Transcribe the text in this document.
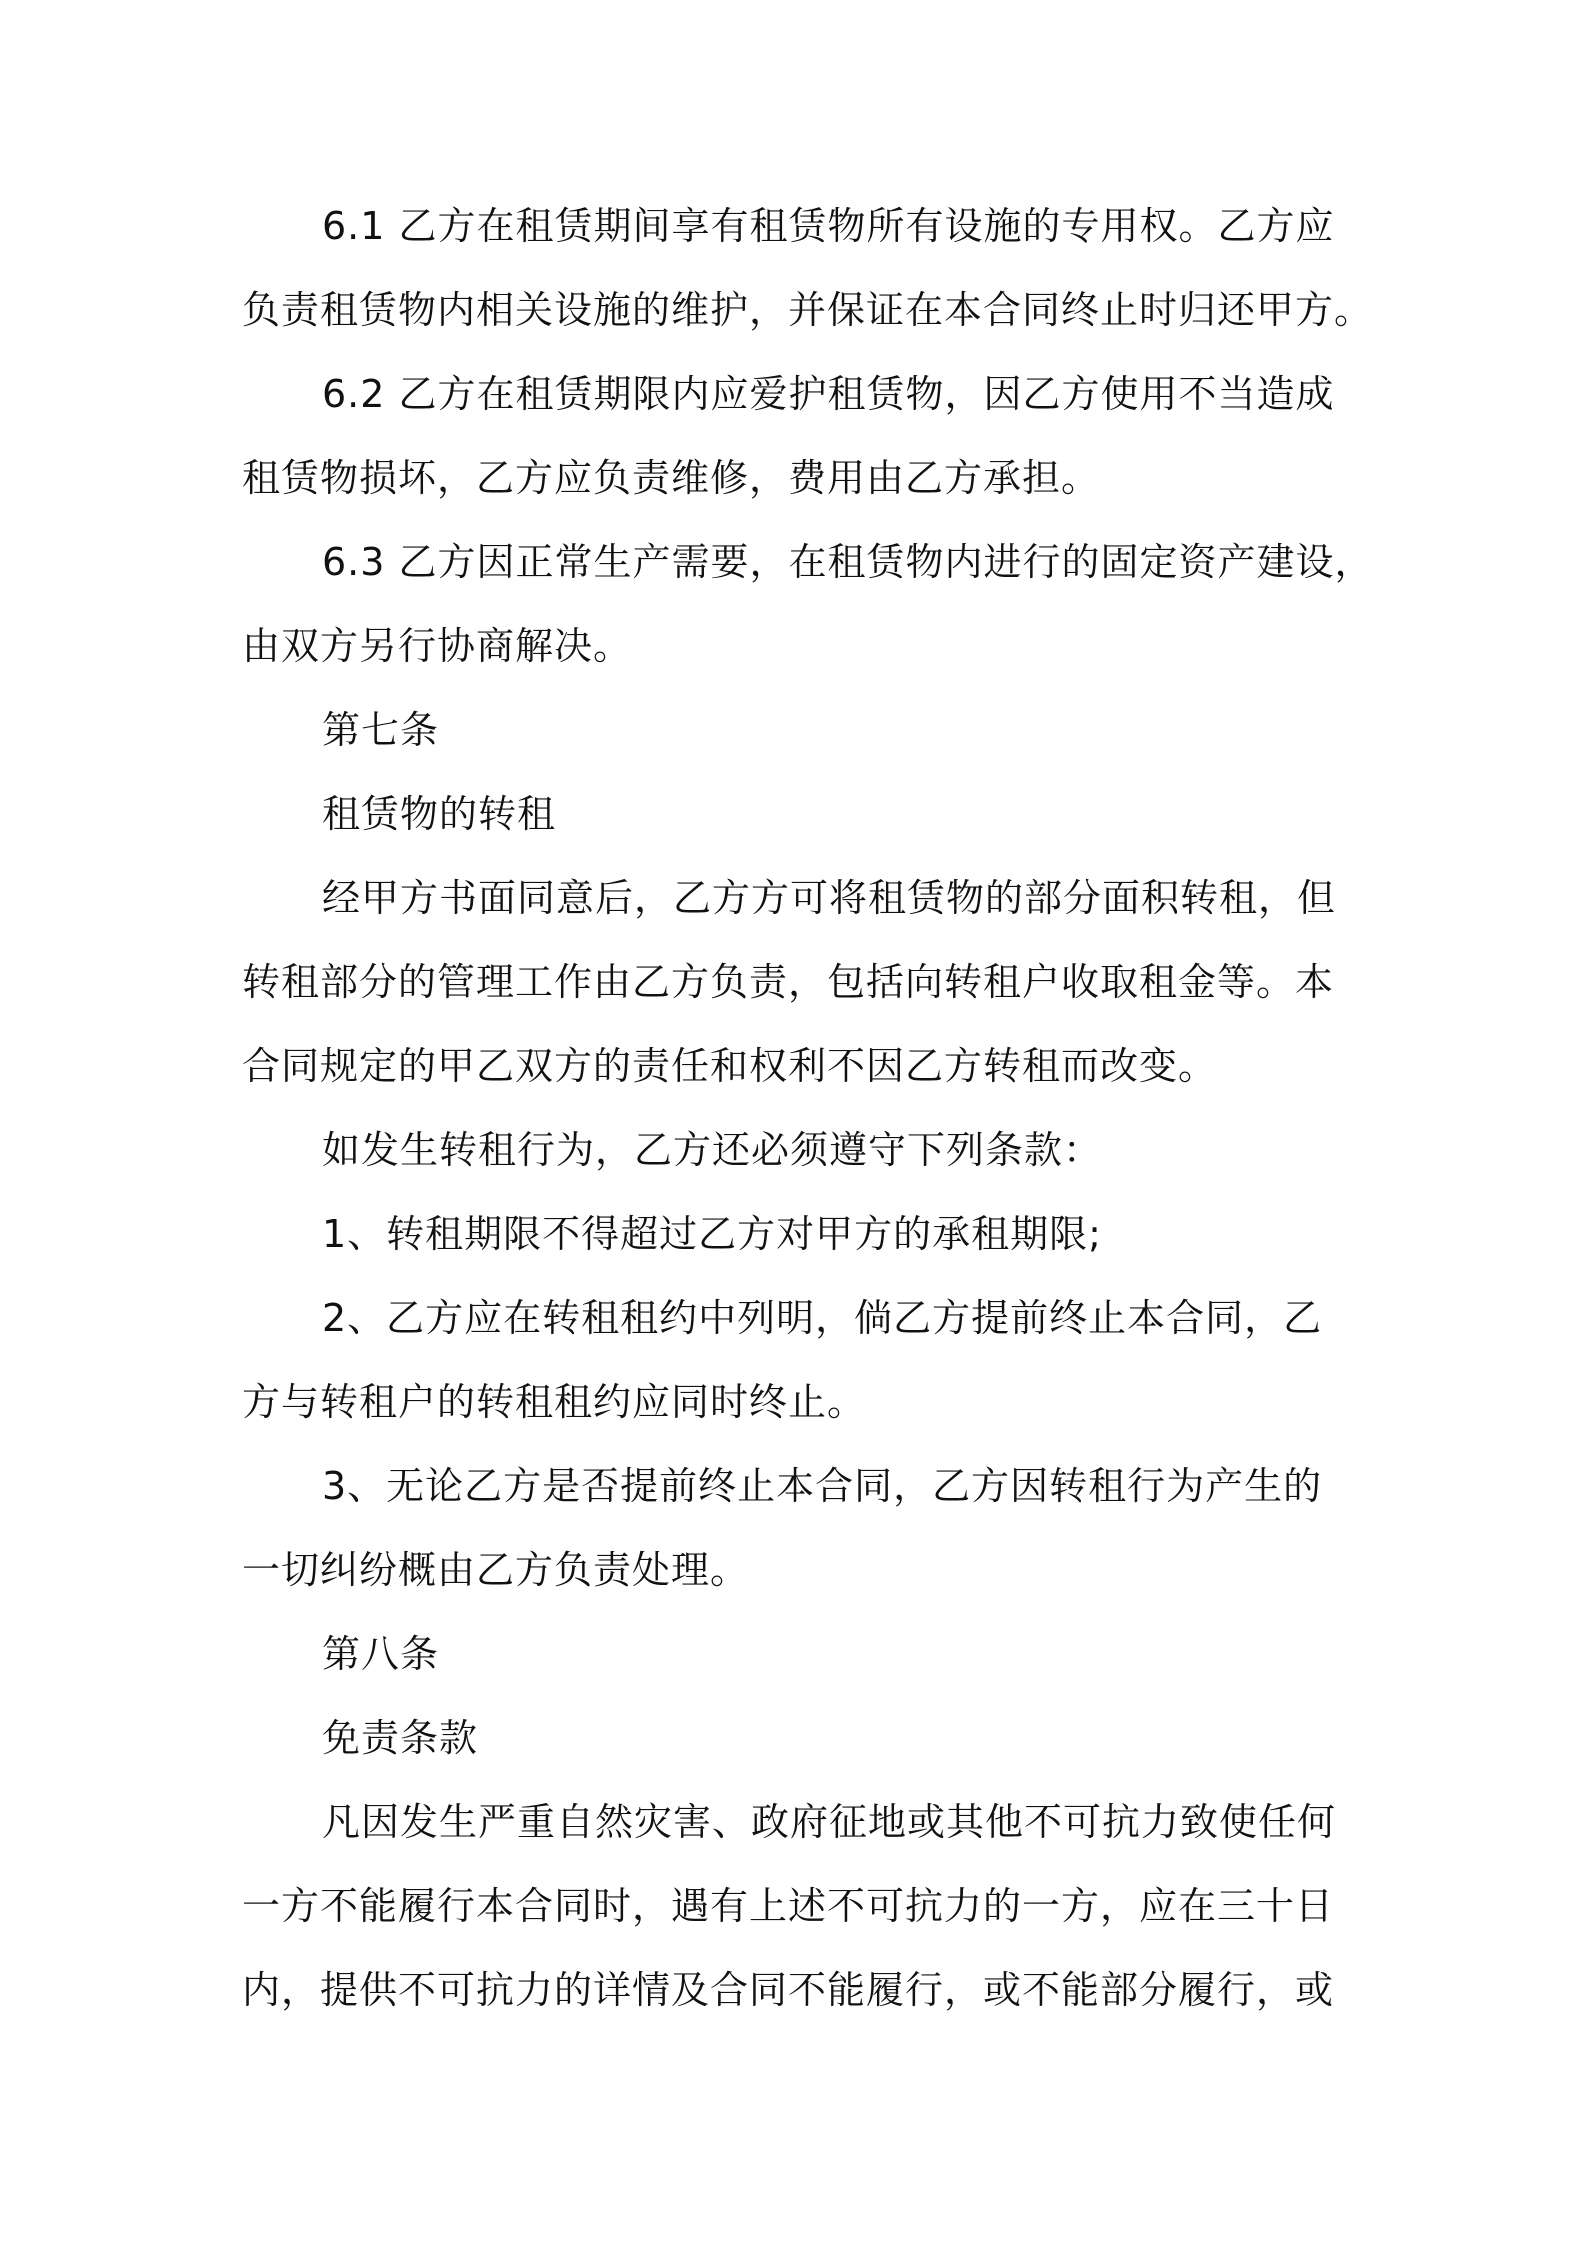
6.1 乙方在租赁期间享有租赁物所有设施的专用权。乙方应
负责租赁物内相关设施的维护，并保证在本合同终止时归还甲方。
6.2 乙方在租赁期限内应爱护租赁物，因乙方使用不当造成
租赁物损坏，乙方应负责维修，费用由乙方承担。
6.3 乙方因正常生产需要，在租赁物内进行的固定资产建设，
由双方另行协商解决。
第七条
租赁物的转租
经甲方书面同意后，乙方方可将租赁物的部分面积转租，但
转租部分的管理工作由乙方负责，包括向转租户收取租金等。本
合同规定的甲乙双方的责任和权利不因乙方转租而改变。
如发生转租行为，乙方还必须遵守下列条款：
1、转租期限不得超过乙方对甲方的承租期限;
2、乙方应在转租租约中列明，倘乙方提前终止本合同，乙
方与转租户的转租租约应同时终止。
3、无论乙方是否提前终止本合同，乙方因转租行为产生的
一切纠纷概由乙方负责处理。
第八条
免责条款
凡因发生严重自然灾害、政府征地或其他不可抗力致使任何
一方不能履行本合同时，遇有上述不可抗力的一方，应在三十日
内，提供不可抗力的详情及合同不能履行，或不能部分履行，或
